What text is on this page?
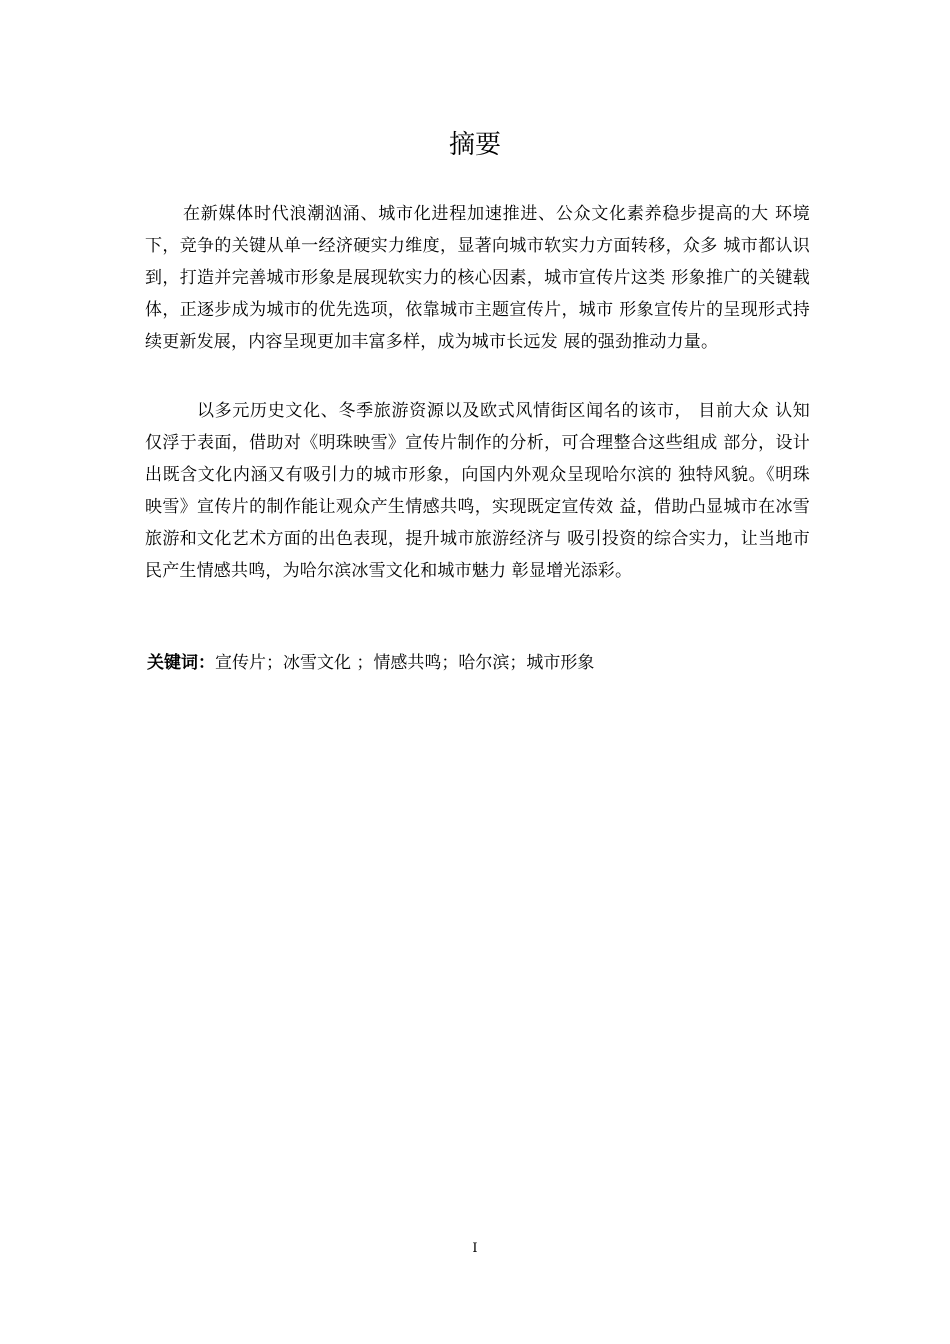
摘要

在新媒体时代浪潮汹涌、城市化进程加速推进、公众文化素养稳步提高的大 环境下，竞争的关键从单一经济硬实力维度，显著向城市软实力方面转移，众多 城市都认识到，打造并完善城市形象是展现软实力的核心因素，城市宣传片这类 形象推广的关键载体，正逐步成为城市的优先选项，依靠城市主题宣传片，城市 形象宣传片的呈现形式持续更新发展，内容呈现更加丰富多样，成为城市长远发 展的强劲推动力量。

以多元历史文化、冬季旅游资源以及欧式风情街区闻名的该市， 目前大众 认知仅浮于表面，借助对《明珠映雪》宣传片制作的分析，可合理整合这些组成 部分，设计出既含文化内涵又有吸引力的城市形象，向国内外观众呈现哈尔滨的 独特风貌。《明珠映雪》宣传片的制作能让观众产生情感共鸣，实现既定宣传效 益，借助凸显城市在冰雪旅游和文化艺术方面的出色表现，提升城市旅游经济与 吸引投资的综合实力，让当地市民产生情感共鸣，为哈尔滨冰雪文化和城市魅力 彰显增光添彩。

关键词：宣传片；冰雪文化 ；情感共鸣；哈尔滨；城市形象
I
